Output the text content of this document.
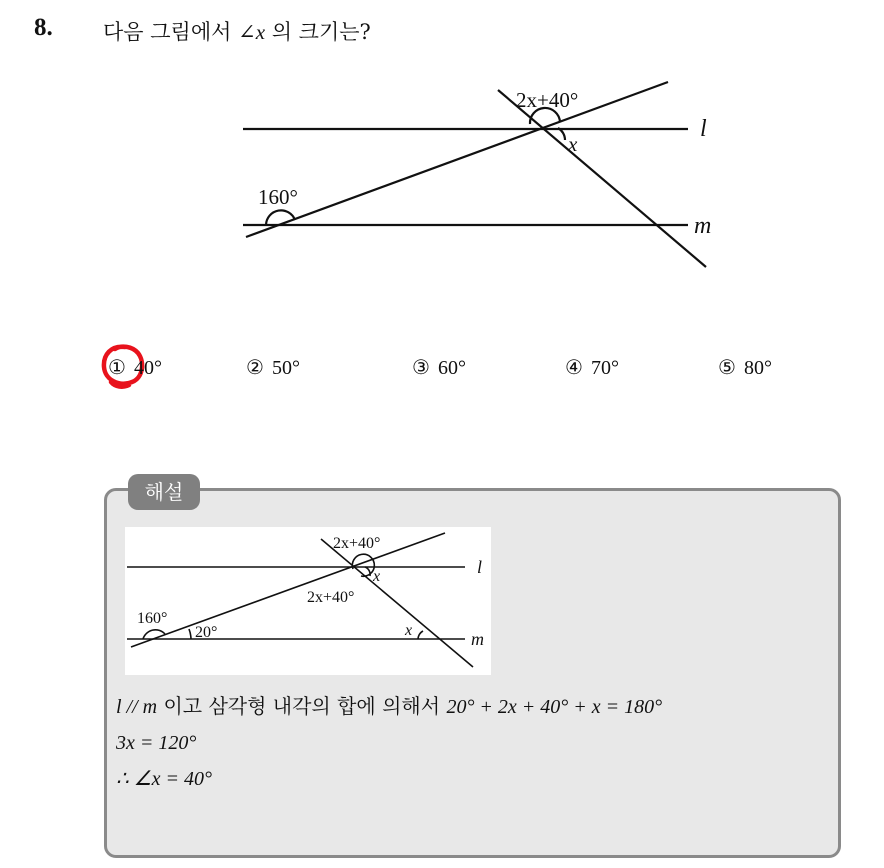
8. 다음 그림에서 ∠x 의 크기는?
2x+40°
x
160°
l
m
① 40°	② 50°	③ 60°	④ 70°	⑤ 80°
해설
2x+40°
x
2x+40°
160°
20°	x
l
m
l // m 이고 삼각형 내각의 합에 의해서 20° + 2x + 40° + x = 180°
3x = 120°
∴ ∠x = 40°
